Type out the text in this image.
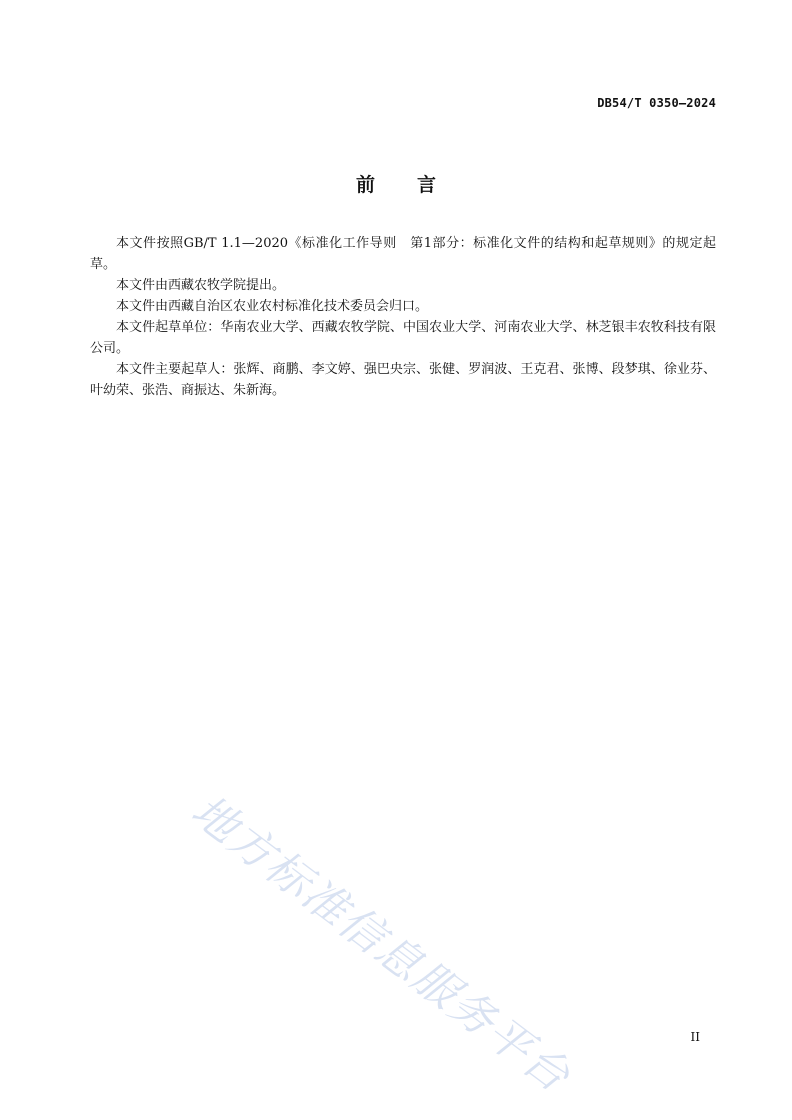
DB54/T 0350—2024
前言

本文件按照GB/T 1.1—2020《标准化工作导则　第1部分：标准化文件的结构和起草规则》的规定起草。

本文件由西藏农牧学院提出。

本文件由西藏自治区农业农村标准化技术委员会归口。

本文件起草单位：华南农业大学、西藏农牧学院、中国农业大学、河南农业大学、林芝银丰农牧科技有限公司。

本文件主要起草人：张辉、商鹏、李文婷、强巴央宗、张健、罗润波、王克君、张博、段梦琪、徐业芬、叶幼荣、张浩、商振达、朱新海。

地方标准信息服务平台	II
